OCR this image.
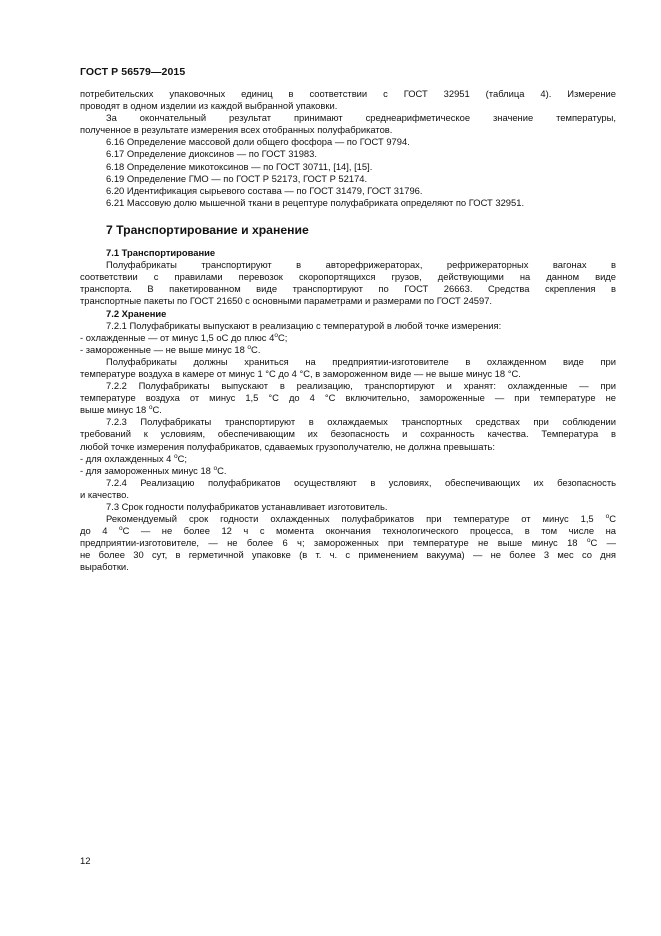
ГОСТ Р 56579—2015

потребительских упаковочных единиц в соответствии с ГОСТ 32951 (таблица 4). Измерение

проводят в одном изделии из каждой выбранной упаковки.

За окончательный результат принимают среднеарифметическое значение температуры,

полученное в результате измерения всех отобранных полуфабрикатов.

6.16 Определение массовой доли общего фосфора — по ГОСТ 9794.

6.17 Определение диоксинов — по ГОСТ 31983.

6.18 Определение микотоксинов — по ГОСТ 30711, [14], [15].

6.19 Определение ГМО — по ГОСТ Р 52173, ГОСТ Р 52174.

6.20 Идентификация сырьевого состава — по ГОСТ 31479, ГОСТ 31796.

6.21 Массовую долю мышечной ткани в рецептуре полуфабриката определяют по ГОСТ 32951.

7 Транспортирование и хранение

7.1 Транспортирование

Полуфабрикаты транспортируют в авторефрижераторах, рефрижераторных вагонах в

соответствии с правилами перевозок скоропортящихся грузов, действующими на данном виде

транспорта. В пакетированном виде транспортируют по ГОСТ 26663. Средства скрепления в

транспортные пакеты по ГОСТ 21650 с основными параметрами и размерами по ГОСТ 24597.

7.2 Хранение

7.2.1 Полуфабрикаты выпускают в реализацию с температурой в любой точке измерения:

- охлажденные — от минус 1,5 оС до плюс $4^оС$;

- замороженные — не выше минус 18 $^о$С.

Полуфабрикаты должны храниться на предприятии-изготовителе в охлажденном виде при

температуре воздуха в камере от минус 1 °С до 4 °С, в замороженном виде — не выше минус 18 °С.

7.2.2 Полуфабрикаты выпускают в реализацию, транспортируют и хранят: охлажденные — при

температуре воздуха от минус 1,5 °С до 4 °С включительно, замороженные — при температуре не

выше минус 18 $^о$С.

7.2.3 Полуфабрикаты транспортируют в охлаждаемых транспортных средствах при соблюдении

требований к условиям, обеспечивающим их безопасность и сохранность качества. Температура в

любой точке измерения полуфабрикатов, сдаваемых грузополучателю, не должна превышать:

- для охлажденных 4 $^о$С;

- для замороженных минус 18 $^о$С.

7.2.4 Реализацию полуфабрикатов осуществляют в условиях, обеспечивающих их безопасность

и качество.

7.3 Срок годности полуфабрикатов устанавливает изготовитель.

Рекомендуемый срок годности охлажденных полуфабрикатов при температуре от минус 1,5 $^о$С

до 4 $^о$С — не более 12 ч с момента окончания технологического процесса, в том числе на

предприятии-изготовителе, — не более 6 ч; замороженных при температуре не выше минус 18 $^о$С —

не более 30 сут, в герметичной упаковке (в т. ч. с применением вакуума) — не более 3 мес со дня

выработки.

12
